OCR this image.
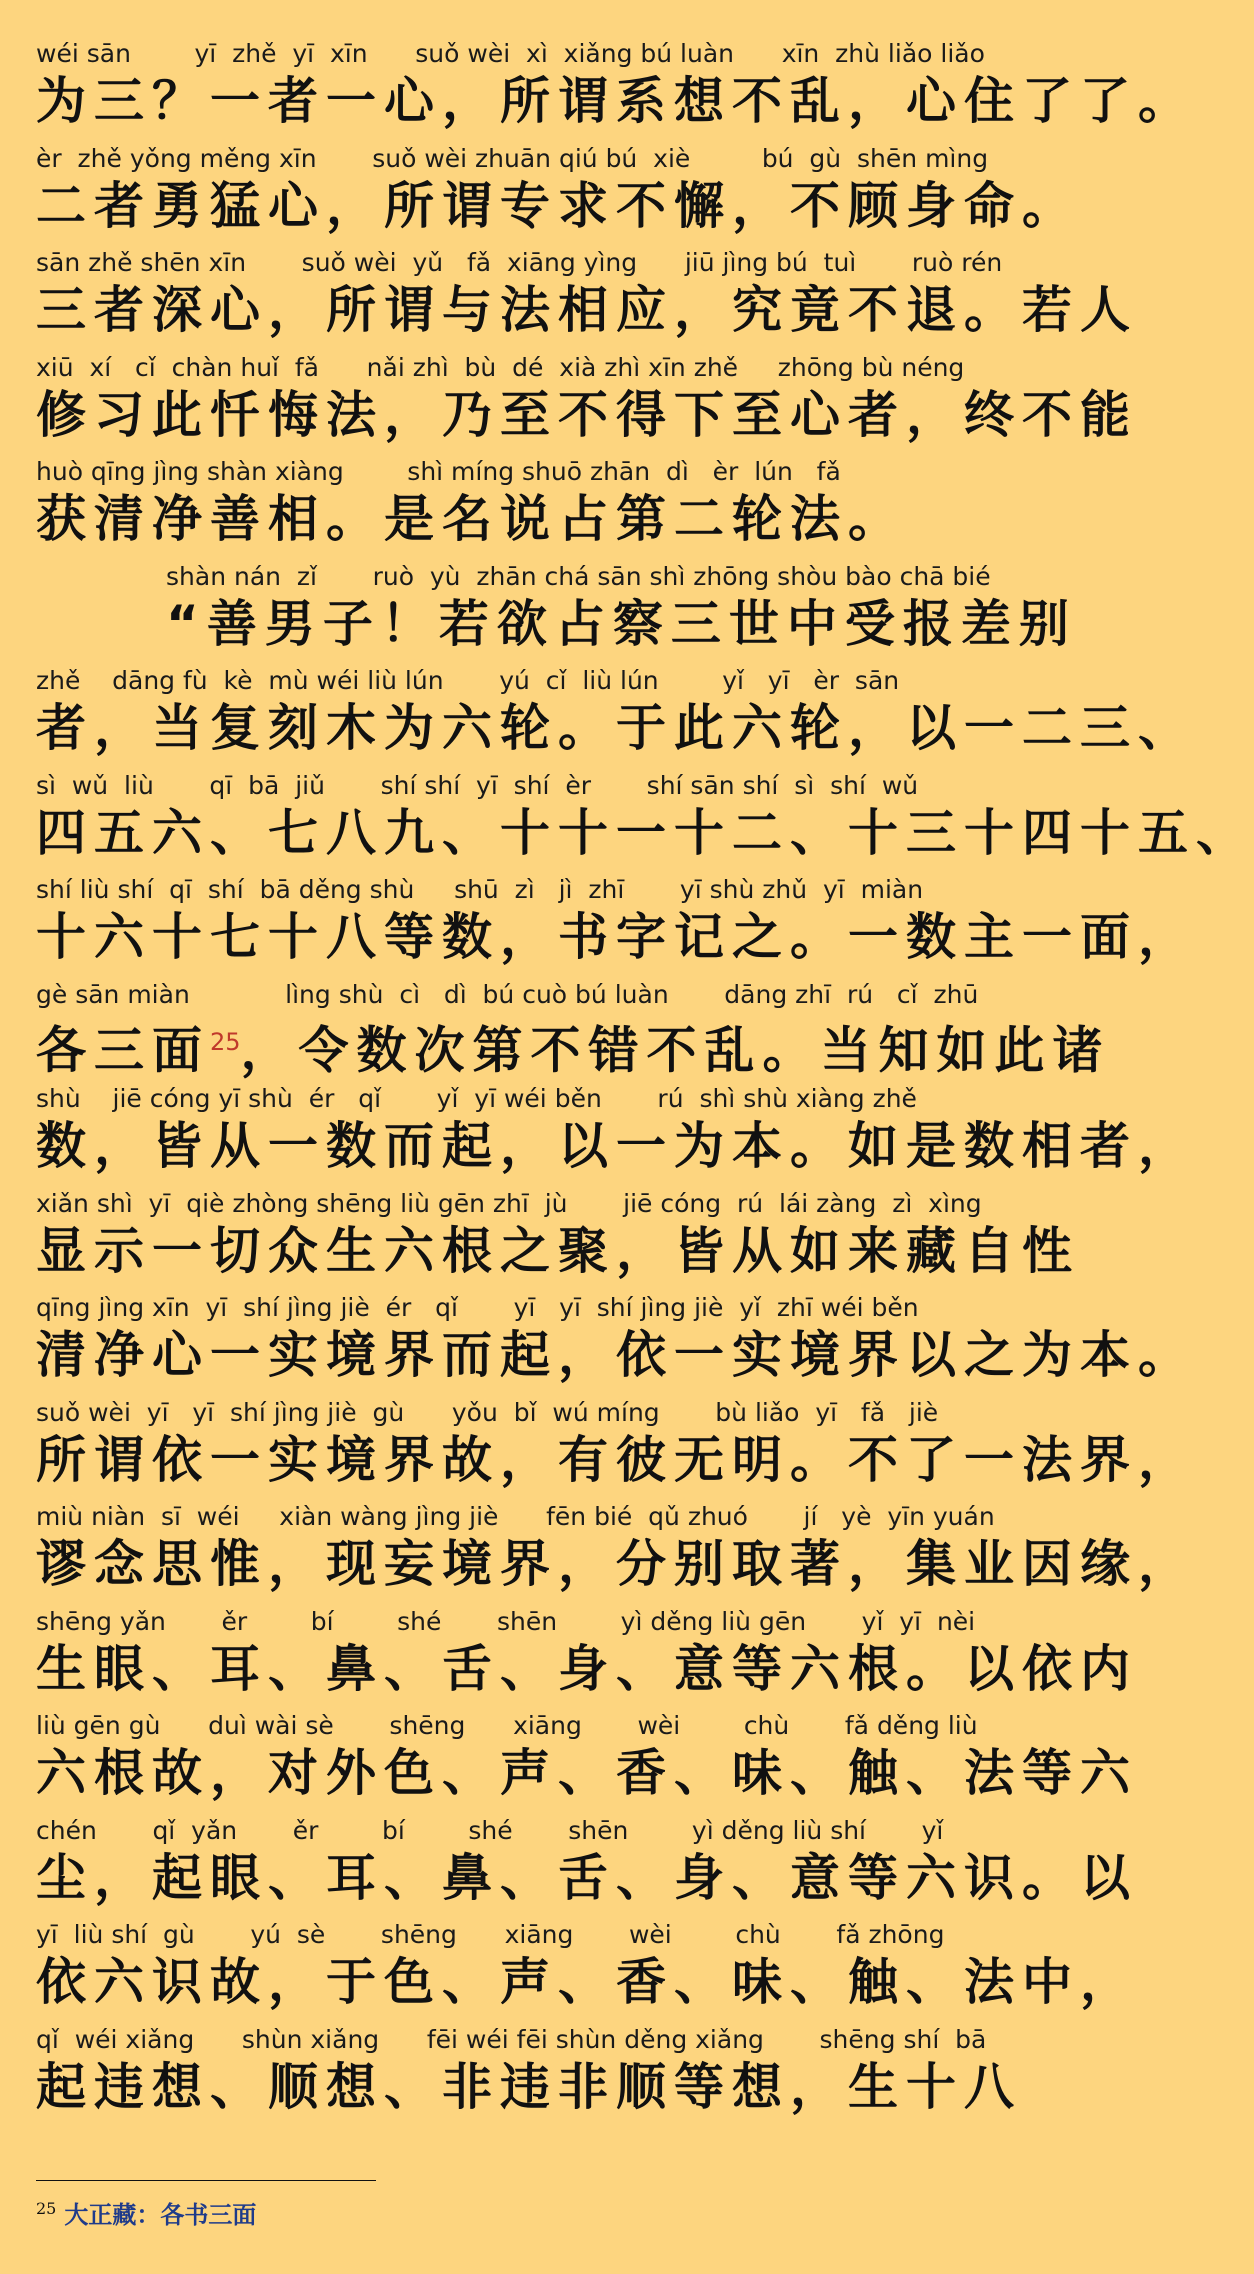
wéi sān        yī  zhě  yī  xīn      suǒ wèi  xì  xiǎng bú luàn      xīn  zhù liǎo liǎo
为三？一者一心，所谓系想不乱，心住了了。
èr  zhě yǒng měng xīn       suǒ wèi zhuān qiú bú  xiè         bú  gù  shēn mìng
二者勇猛心，所谓专求不懈，不顾身命。
sān zhě shēn xīn       suǒ wèi  yǔ   fǎ  xiāng yìng      jiū jìng bú  tuì       ruò rén
三者深心，所谓与法相应，究竟不退。若人
xiū  xí   cǐ  chàn huǐ  fǎ      nǎi zhì  bù  dé  xià zhì xīn zhě     zhōng bù néng
修习此忏悔法，乃至不得下至心者，终不能
huò qīng jìng shàn xiàng        shì míng shuō zhān  dì   èr  lún   fǎ
获清净善相。是名说占第二轮法。
shàn nán  zǐ       ruò  yù  zhān chá sān shì zhōng shòu bào chā bié
“善男子！若欲占察三世中受报差别
zhě    dāng fù  kè  mù wéi liù lún       yú  cǐ  liù lún        yǐ   yī   èr  sān
者，当复刻木为六轮。于此六轮，以一二三、
sì  wǔ  liù       qī  bā  jiǔ       shí shí  yī  shí  èr       shí sān shí  sì  shí  wǔ
四五六、七八九、十十一十二、十三十四十五、
shí liù shí  qī  shí  bā děng shù     shū  zì   jì  zhī       yī shù zhǔ  yī  miàn
十六十七十八等数，书字记之。一数主一面，
gè sān miàn            lìng shù  cì   dì  bú cuò bú luàn       dāng zhī  rú   cǐ  zhū
各三面$^{25}$，令数次第不错不乱。当知如此诸
shù    jiē cóng yī shù  ér   qǐ       yǐ  yī wéi běn       rú  shì shù xiàng zhě
数，皆从一数而起，以一为本。如是数相者，
xiǎn shì  yī  qiè zhòng shēng liù gēn zhī  jù       jiē cóng  rú  lái zàng  zì  xìng
显示一切众生六根之聚，皆从如来藏自性
qīng jìng xīn  yī  shí jìng jiè  ér   qǐ       yī   yī  shí jìng jiè  yǐ  zhī wéi běn
清净心一实境界而起，依一实境界以之为本。
suǒ wèi  yī   yī  shí jìng jiè  gù      yǒu  bǐ  wú míng       bù liǎo  yī   fǎ   jiè
所谓依一实境界故，有彼无明。不了一法界，
miù niàn  sī  wéi     xiàn wàng jìng jiè      fēn bié  qǔ zhuó       jí   yè  yīn yuán
谬念思惟，现妄境界，分别取著，集业因缘，
shēng yǎn       ěr        bí        shé       shēn        yì děng liù gēn       yǐ  yī  nèi
生眼、耳、鼻、舌、身、意等六根。以依内
liù gēn gù      duì wài sè       shēng      xiāng       wèi        chù       fǎ děng liù
六根故，对外色、声、香、味、触、法等六
chén       qǐ  yǎn       ěr        bí        shé       shēn        yì děng liù shí       yǐ
尘，起眼、耳、鼻、舌、身、意等六识。以
yī  liù shí  gù       yú  sè       shēng      xiāng       wèi        chù       fǎ zhōng
依六识故，于色、声、香、味、触、法中，
qǐ  wéi xiǎng      shùn xiǎng      fēi wéi fēi shùn děng xiǎng       shēng shí  bā
起违想、顺想、非违非顺等想，生十八
$^{25}$ 大正藏：各书三面
